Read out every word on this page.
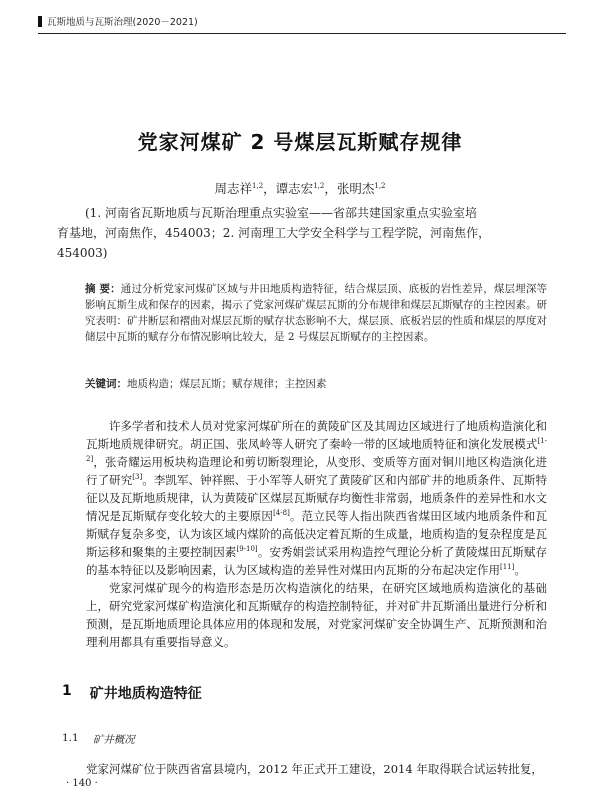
瓦斯地质与瓦斯治理(2020－2021)
党家河煤矿 2 号煤层瓦斯赋存规律
周志祥$^{1,2}$，谭志宏$^{1,2}$，张明杰$^{1,2}$
(1. 河南省瓦斯地质与瓦斯治理重点实验室——省部共建国家重点实验室培
育基地，河南焦作，454003；2. 河南理工大学安全科学与工程学院，河南焦作，
454003)
摘 要：通过分析党家河煤矿区域与井田地质构造特征，结合煤层顶、底板的岩性差异，煤层埋深等影响瓦斯生成和保存的因素，揭示了党家河煤矿煤层瓦斯的分布规律和煤层瓦斯赋存的主控因素。研究表明：矿井断层和褶曲对煤层瓦斯的赋存状态影响不大，煤层顶、底板岩层的性质和煤层的厚度对储层中瓦斯的赋存分布情况影响比较大，是 2 号煤层瓦斯赋存的主控因素。
关键词：地质构造；煤层瓦斯；赋存规律；主控因素

许多学者和技术人员对党家河煤矿所在的黄陵矿区及其周边区域进行了地质构造演化和瓦斯地质规律研究。胡正国、张凤岭等人研究了秦岭一带的区域地质特征和演化发展模式[1-2]，张奇耀运用板块构造理论和剪切断裂理论，从变形、变质等方面对铜川地区构造演化进行了研究[3]。李凯军、钟祥熙、于小军等人研究了黄陵矿区和内部矿井的地质条件、瓦斯特征以及瓦斯地质规律，认为黄陵矿区煤层瓦斯赋存均衡性非常弱，地质条件的差异性和水文情况是瓦斯赋存变化较大的主要原因[4-8]。范立民等人指出陕西省煤田区域内地质条件和瓦斯赋存复杂多变，认为该区域内煤阶的高低决定着瓦斯的生成量，地质构造的复杂程度是瓦斯运移和聚集的主要控制因素[9-10]。安秀娟尝试采用构造控气理论分析了黄陵煤田瓦斯赋存的基本特征以及影响因素，认为区域构造的差异性对煤田内瓦斯的分布起决定作用[11]。

党家河煤矿现今的构造形态是历次构造演化的结果，在研究区域地质构造演化的基础上，研究党家河煤矿构造演化和瓦斯赋存的构造控制特征，并对矿井瓦斯涌出量进行分析和预测，是瓦斯地质理论具体应用的体现和发展，对党家河煤矿安全协调生产、瓦斯预测和治理利用都具有重要指导意义。

1 矿井地质构造特征
1.1 矿井概况
党家河煤矿位于陕西省富县境内，2012 年正式开工建设，2014 年取得联合试运转批复，
· 140 ·
